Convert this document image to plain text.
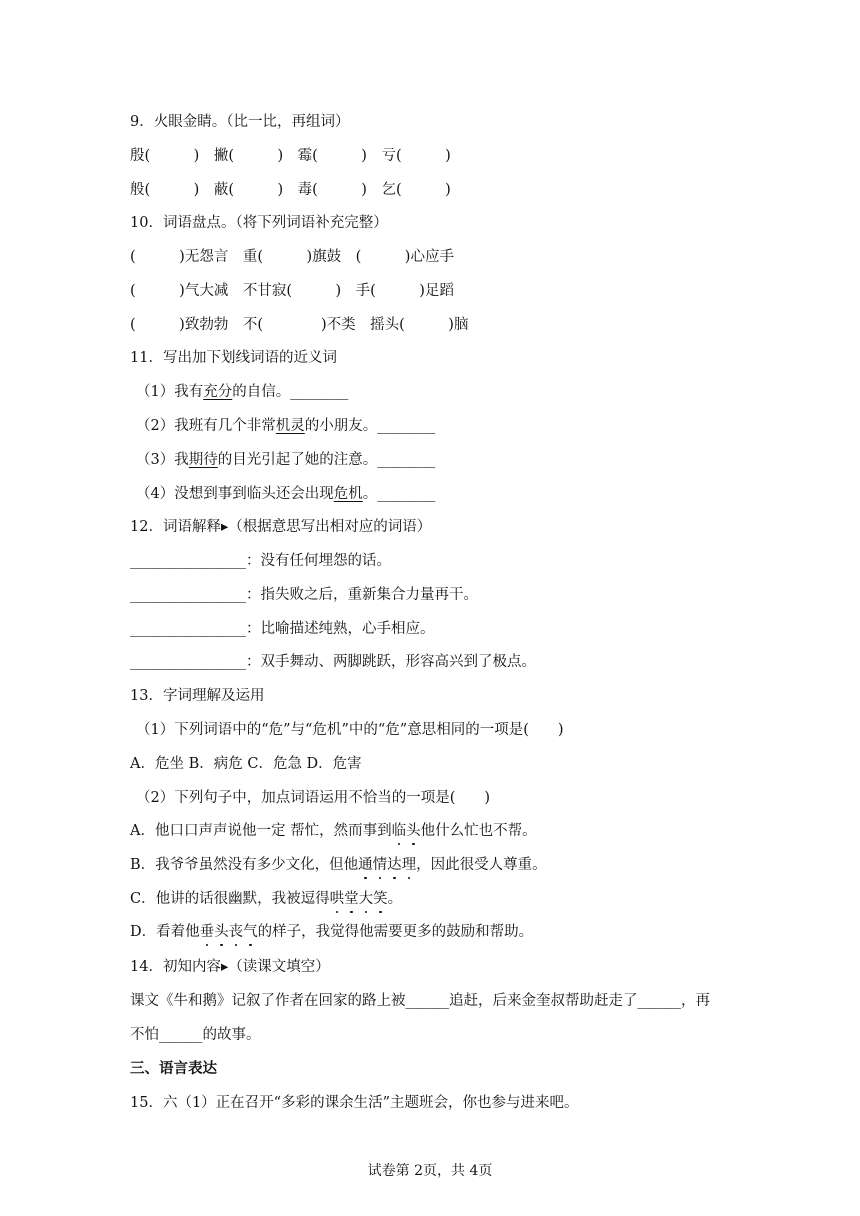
9．火眼金睛。（比一比，再组词）
殷(　　　)　撇(　　　)　霉(　　　)　亏(　　　)
般(　　　)　蔽(　　　)　毒(　　　)　乞(　　　)
10．词语盘点。（将下列词语补充完整）
(　　　)无怨言　重(　　　)旗鼓　(　　　)心应手
(　　　)气大减　不甘寂(　　　)　手(　　　)足蹈
(　　　)致勃勃　不(　　　　)不类　摇头(　　　)脑
11．写出加下划线词语的近义词
（1）我有充分的自信。________
（2）我班有几个非常机灵的小朋友。________
（3）我期待的目光引起了她的注意。________
（4）没想到事到临头还会出现危机。________
12．词语解释▸（根据意思写出相对应的词语）
________________：没有任何埋怨的话。
________________：指失败之后，重新集合力量再干。
________________：比喻描述纯熟，心手相应。
________________：双手舞动、两脚跳跃，形容高兴到了极点。
13．字词理解及运用
（1）下列词语中的“危”与“危机”中的“危”意思相同的一项是(　　)
A．危坐 B．病危 C．危急 D．危害
（2）下列句子中，加点词语运用不恰当的一项是(　　)
A．他口口声声说他一定 帮忙，然而事到临头他什么忙也不帮。
B．我爷爷虽然没有多少文化，但他通情达理，因此很受人尊重。
C．他讲的话很幽默，我被逗得哄堂大笑。
D．看着他垂头丧气的样子，我觉得他需要更多的鼓励和帮助。
14．初知内容▸（读课文填空）
课文《牛和鹅》记叙了作者在回家的路上被______追赶，后来金奎叔帮助赶走了______，再
不怕______的故事。
三、语言表达
15．六（1）正在召开“多彩的课余生活”主题班会，你也参与进来吧。
试卷第 2页，共 4页
